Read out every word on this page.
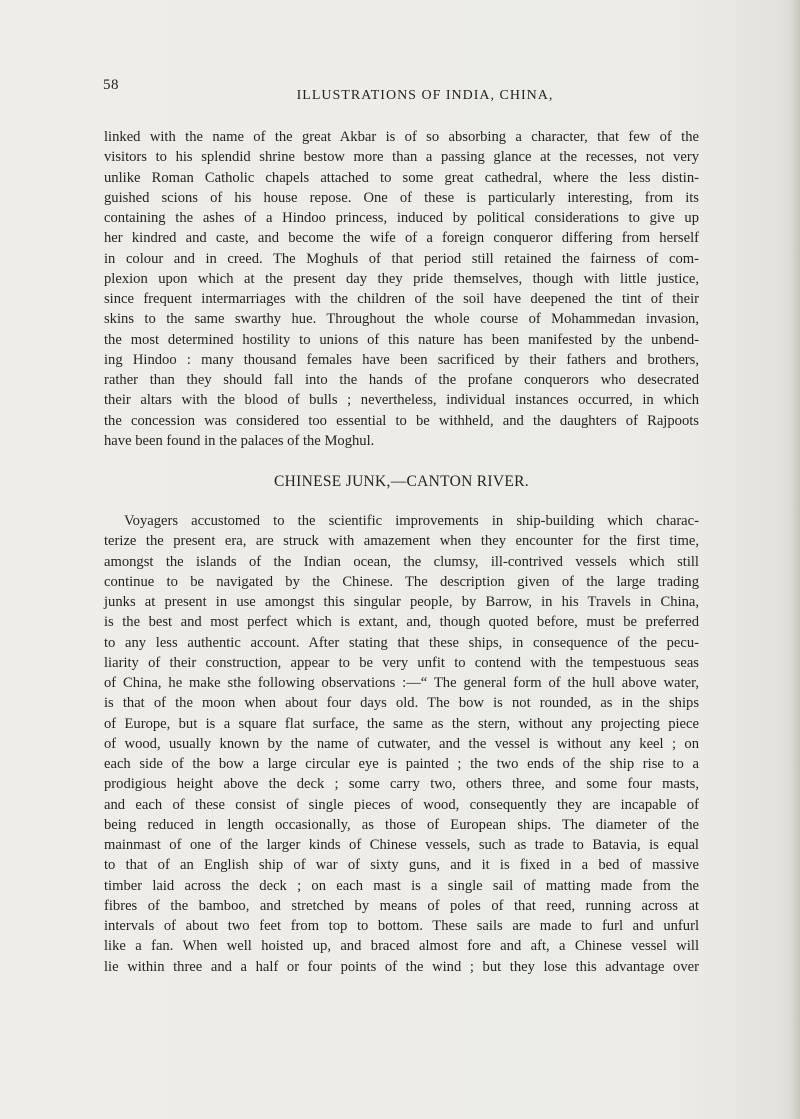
58

ILLUSTRATIONS OF INDIA, CHINA,

linked with the name of the great Akbar is of so absorbing a character, that few of the
visitors to his splendid shrine bestow more than a passing glance at the recesses, not very
unlike Roman Catholic chapels attached to some great cathedral, where the less distin-
guished scions of his house repose. One of these is particularly interesting, from its
containing the ashes of a Hindoo princess, induced by political considerations to give up
her kindred and caste, and become the wife of a foreign conqueror differing from herself
in colour and in creed. The Moghuls of that period still retained the fairness of com-
plexion upon which at the present day they pride themselves, though with little justice,
since frequent intermarriages with the children of the soil have deepened the tint of their
skins to the same swarthy hue. Throughout the whole course of Mohammedan invasion,
the most determined hostility to unions of this nature has been manifested by the unbend-
ing Hindoo : many thousand females have been sacrificed by their fathers and brothers,
rather than they should fall into the hands of the profane conquerors who desecrated
their altars with the blood of bulls ; nevertheless, individual instances occurred, in which
the concession was considered too essential to be withheld, and the daughters of Rajpoots
have been found in the palaces of the Moghul.
CHINESE JUNK,—CANTON RIVER.
Voyagers accustomed to the scientific improvements in ship-building which charac-
terize the present era, are struck with amazement when they encounter for the first time,
amongst the islands of the Indian ocean, the clumsy, ill-contrived vessels which still
continue to be navigated by the Chinese. The description given of the large trading
junks at present in use amongst this singular people, by Barrow, in his Travels in China,
is the best and most perfect which is extant, and, though quoted before, must be preferred
to any less authentic account. After stating that these ships, in consequence of the pecu-
liarity of their construction, appear to be very unfit to contend with the tempestuous seas
of China, he make sthe following observations :—“ The general form of the hull above water,
is that of the moon when about four days old. The bow is not rounded, as in the ships
of Europe, but is a square flat surface, the same as the stern, without any projecting piece
of wood, usually known by the name of cutwater, and the vessel is without any keel ; on
each side of the bow a large circular eye is painted ; the two ends of the ship rise to a
prodigious height above the deck ; some carry two, others three, and some four masts,
and each of these consist of single pieces of wood, consequently they are incapable of
being reduced in length occasionally, as those of European ships. The diameter of the
mainmast of one of the larger kinds of Chinese vessels, such as trade to Batavia, is equal
to that of an English ship of war of sixty guns, and it is fixed in a bed of massive
timber laid across the deck ; on each mast is a single sail of matting made from the
fibres of the bamboo, and stretched by means of poles of that reed, running across at
intervals of about two feet from top to bottom. These sails are made to furl and unfurl
like a fan. When well hoisted up, and braced almost fore and aft, a Chinese vessel will
lie within three and a half or four points of the wind ; but they lose this advantage over
